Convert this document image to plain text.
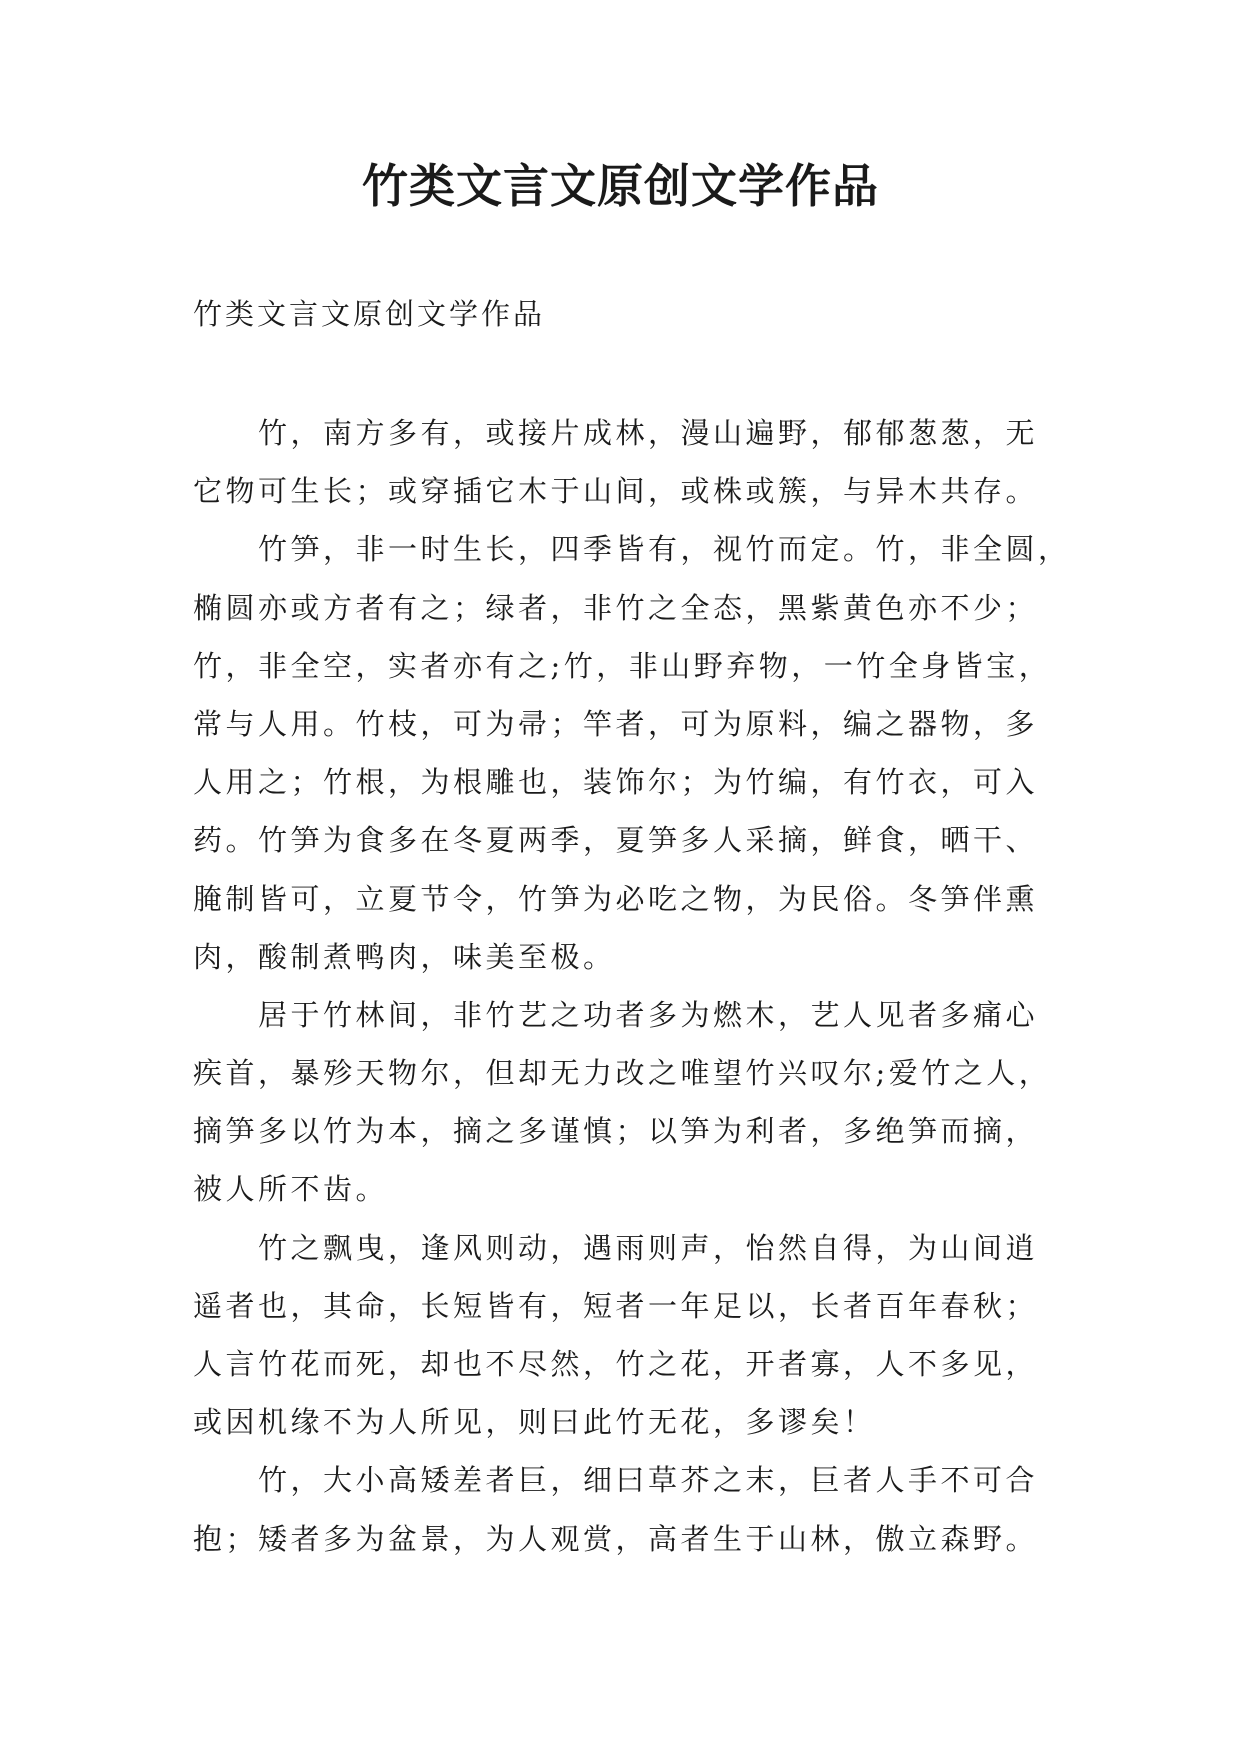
竹类文言文原创文学作品

竹类文言文原创文学作品

竹，南方多有，或接片成林，漫山遍野，郁郁葱葱，无
它物可生长；或穿插它木于山间，或株或簇，与异木共存。
竹笋，非一时生长，四季皆有，视竹而定。竹，非全圆，
椭圆亦或方者有之；绿者，非竹之全态，黑紫黄色亦不少；
竹，非全空，实者亦有之;竹，非山野弃物，一竹全身皆宝，
常与人用。竹枝，可为帚；竿者，可为原料，编之器物，多
人用之；竹根，为根雕也，装饰尔；为竹编，有竹衣，可入
药。竹笋为食多在冬夏两季，夏笋多人采摘，鲜食，晒干、
腌制皆可，立夏节令，竹笋为必吃之物，为民俗。冬笋伴熏
肉，酸制煮鸭肉，味美至极。
居于竹林间，非竹艺之功者多为燃木，艺人见者多痛心
疾首，暴殄天物尔，但却无力改之唯望竹兴叹尔;爱竹之人，
摘笋多以竹为本，摘之多谨慎；以笋为利者，多绝笋而摘，
被人所不齿。
竹之飘曳，逢风则动，遇雨则声，怡然自得，为山间逍
遥者也，其命，长短皆有，短者一年足以，长者百年春秋；
人言竹花而死，却也不尽然，竹之花，开者寡，人不多见，
或因机缘不为人所见，则曰此竹无花，多谬矣！
竹，大小高矮差者巨，细曰草芥之末，巨者人手不可合
抱；矮者多为盆景，为人观赏，高者生于山林，傲立森野。
